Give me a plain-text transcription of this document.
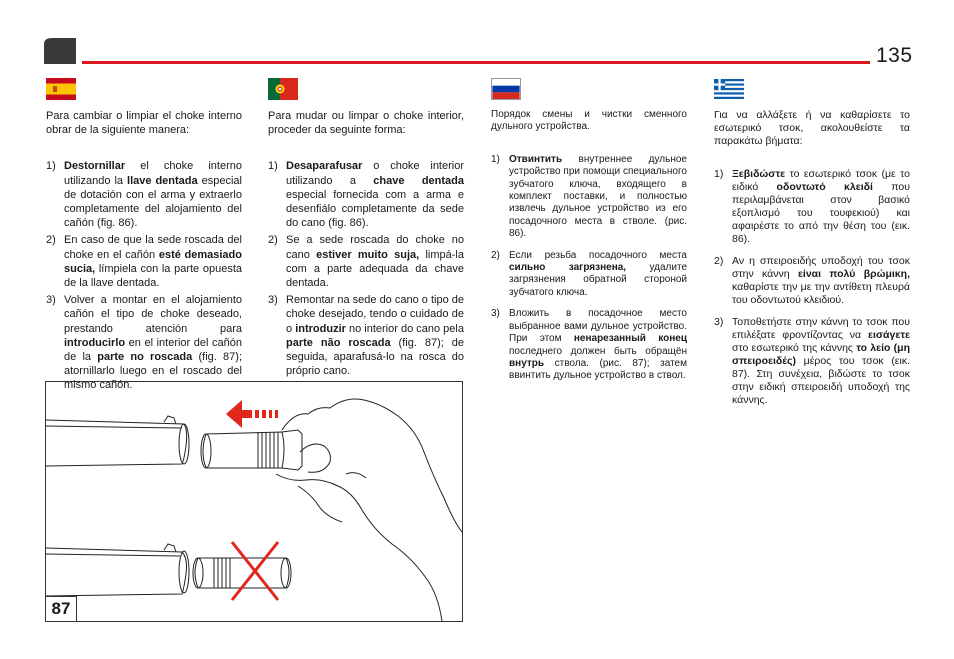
135

Para cambiar o limpiar el choke interno obrar de la siguiente manera:

1) Destornillar el choke interno utilizando la llave dentada especial de dotación con el arma y extraerlo completamente del alojamiento del cañón (fig. 86).
2) En caso de que la sede roscada del choke en el cañón esté demasiado sucia, límpiela con la parte opuesta de la llave dentada.
3) Volver a montar en el alojamiento cañón el tipo de choke deseado, prestando atención para introducirlo en el interior del cañón de la parte no roscada (fig. 87); atornillarlo luego en el roscado del mismo cañón.

Para mudar ou limpar o choke interior, proceder da seguinte forma:

1) Desaparafusar o choke interior utilizando a chave dentada especial fornecida com a arma e desenfiálo completamente da sede do cano (fig. 86).
2) Se a sede roscada do choke no cano estiver muito suja, limpá-la com a parte adequada da chave dentada.
3) Remontar na sede do cano o tipo de choke desejado, tendo o cuidado de o introduzir no interior do cano pela parte não roscada (fig. 87); de seguida, aparafusá-lo na rosca do próprio cano.

Порядок смены и чистки сменного дульного устройства.

1) Отвинтить внутреннее дульное устройство при помощи специального зубчатого ключа, входящего в комплект поставки, и полностью извлечь дульное устройство из его посадочного места в стволе. (рис. 86).
2) Если резьба посадочного места сильно загрязнена, удалите загрязнения обратной стороной зубчатого ключа.
3) Вложить в посадочное место выбранное вами дульное устройство. При этом ненарезанный конец последнего должен быть обращён внутрь ствола. (рис. 87); затем ввинтить дульное устройство в ствол.

Για να αλλάξετε ή να καθαρίσετε το εσωτερικό τσοκ, ακολουθείστε τα παρακάτω βήματα:

1) Ξεβιδώστε το εσωτερικό τσοκ (με το ειδικό οδοντωτό κλειδί που περιλαμβάνεται στον βασικό εξοπλισμό του τουφεκιού) και αφαιρέστε το από την θέση του (εικ. 86).
2) Αν η σπειροειδής υποδοχή του τσοκ στην κάννη είναι πολύ βρώμικη, καθαρίστε την με την αντίθετη πλευρά του οδοντωτού κλειδιού.
3) Τοποθετήστε στην κάννη το τσοκ που επιλέξατε φροντίζοντας να εισάγετε στο εσωτερικό της κάννης το λείο (μη σπειροειδές) μέρος του τσοκ (εικ. 87). Στη συνέχεια, βιδώστε το τσοκ στην ειδική σπειροειδή υποδοχή της κάννης.
87
